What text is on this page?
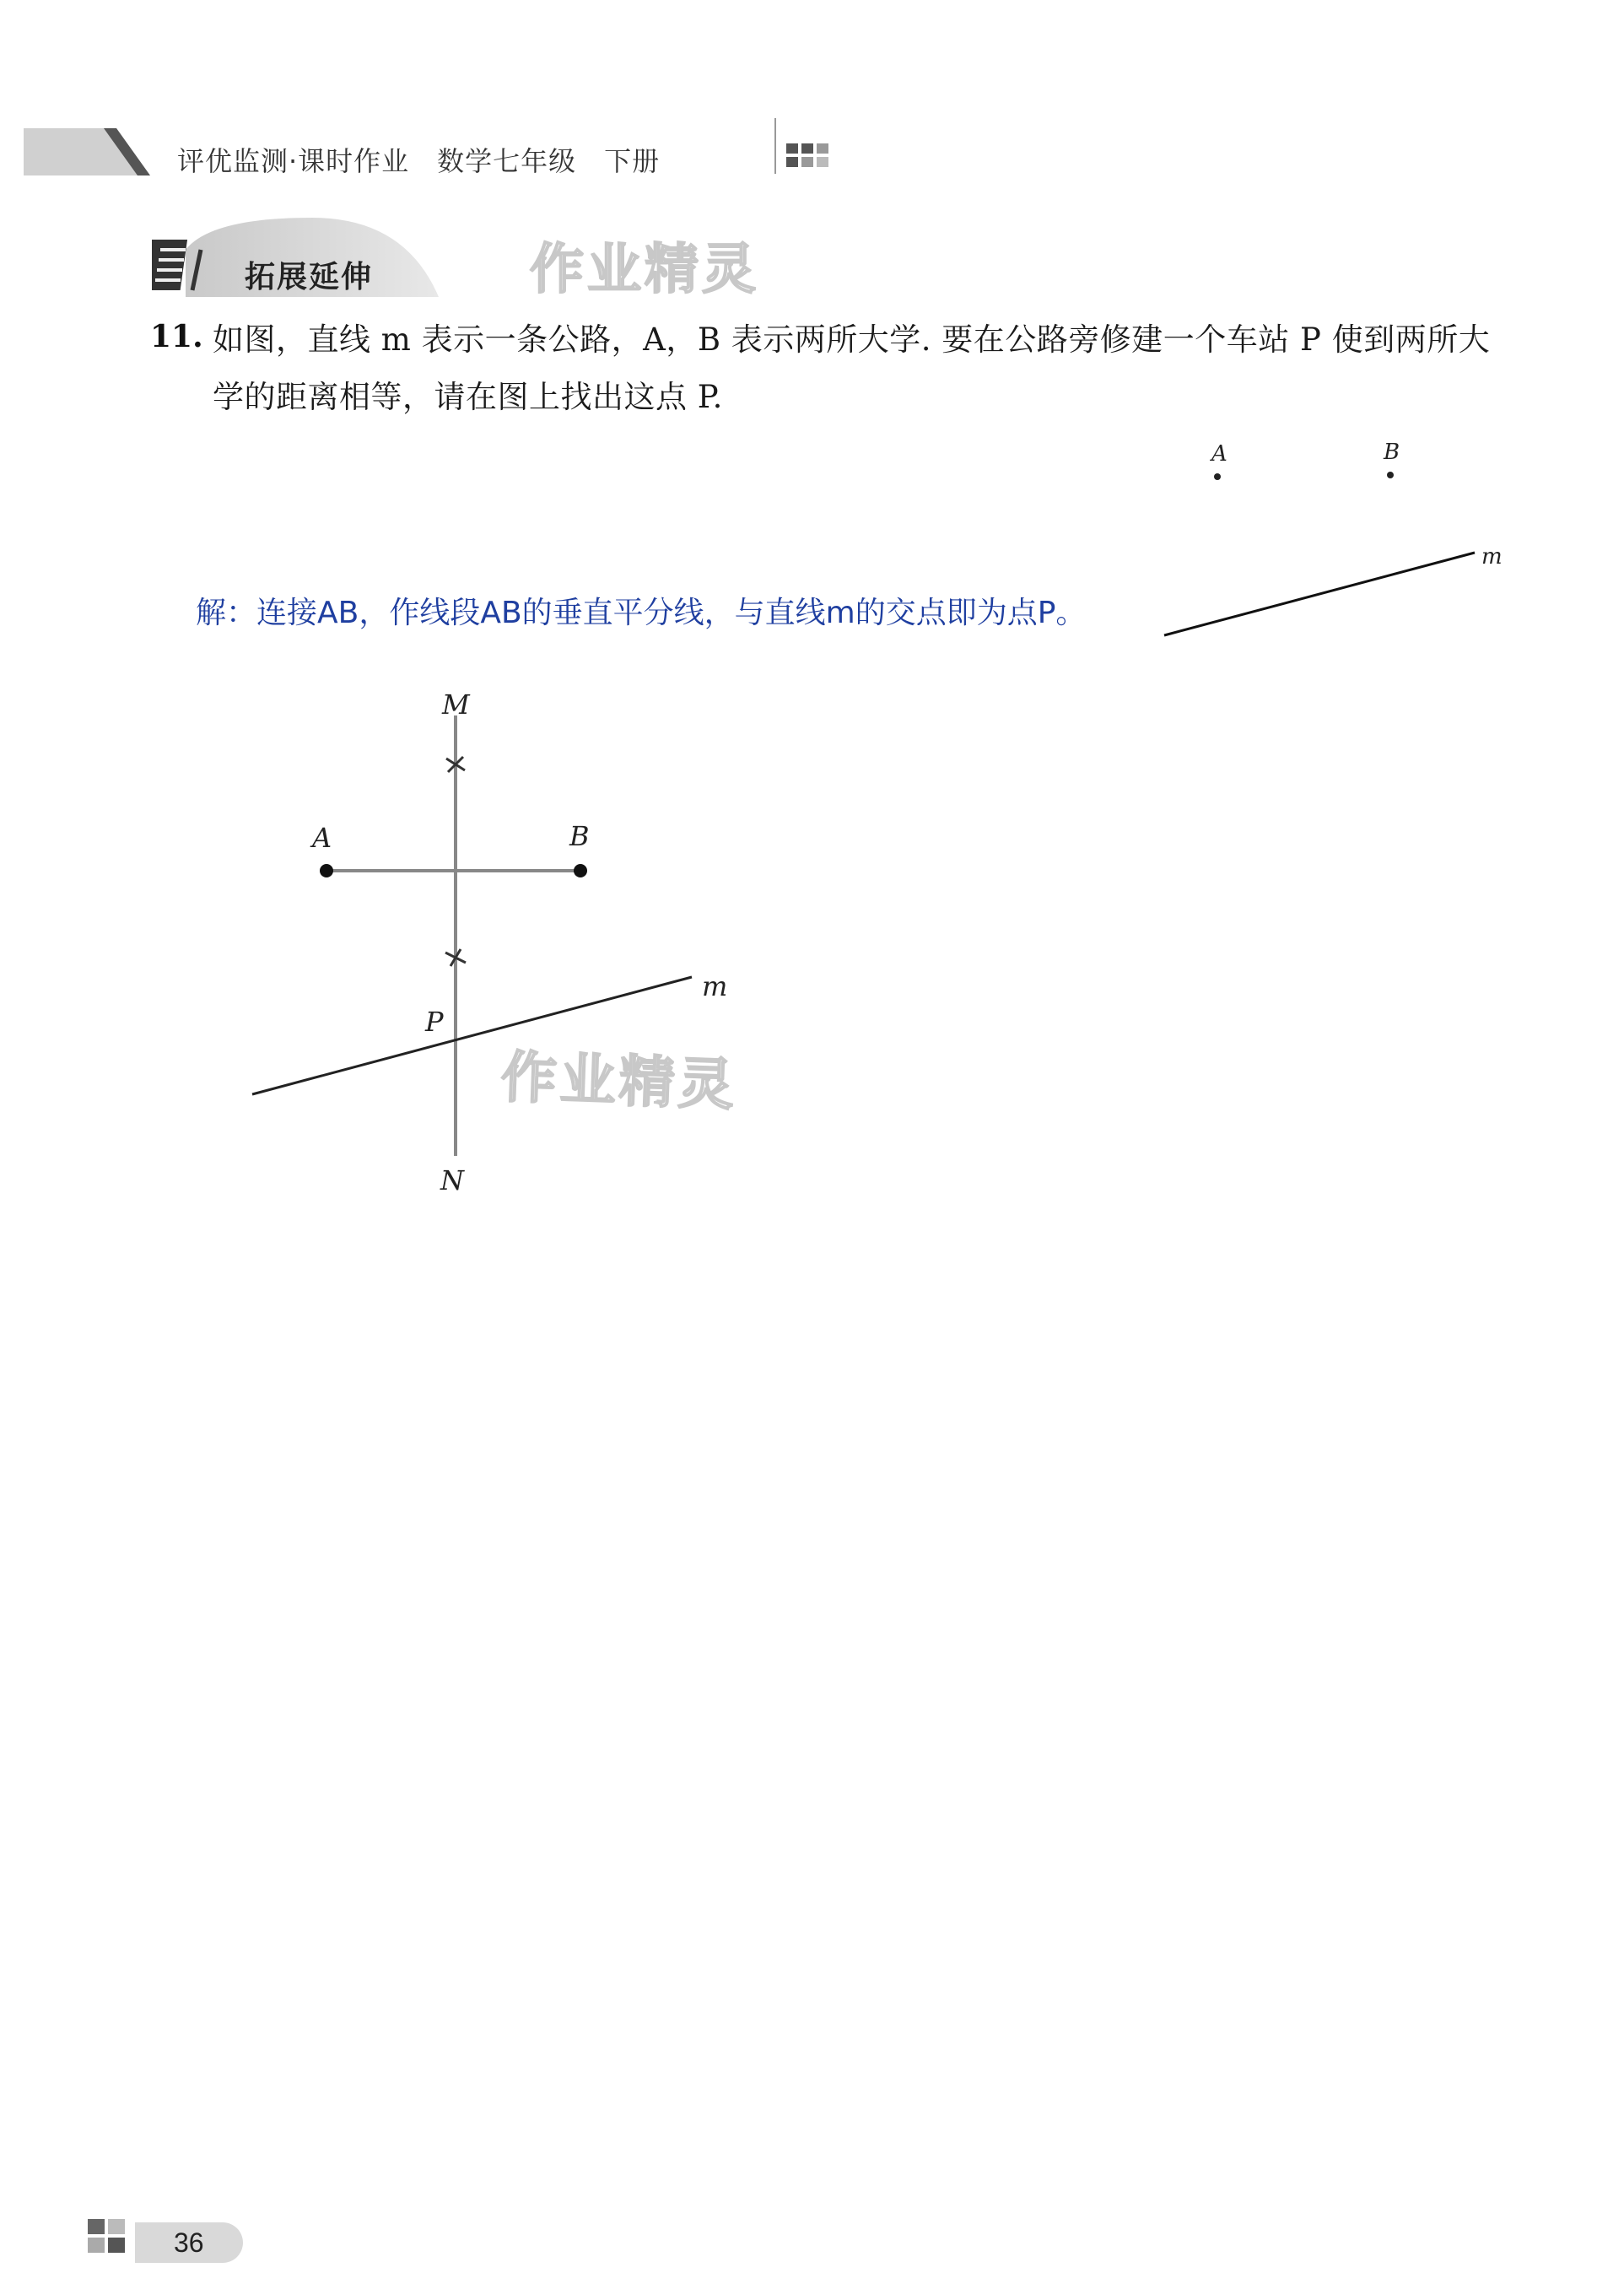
评优监测·课时作业　数学七年级　下册
拓展延伸	作业精灵
11. 如图，直线 m 表示一条公路，A，B 表示两所大学. 要在公路旁修建一个车站 P 使到两所大
学的距离相等，请在图上找出这点 P.
A	B
m
解：连接AB，作线段AB的垂直平分线，与直线m的交点即为点P。
M
N
A	B
P
m
作业精灵
36
